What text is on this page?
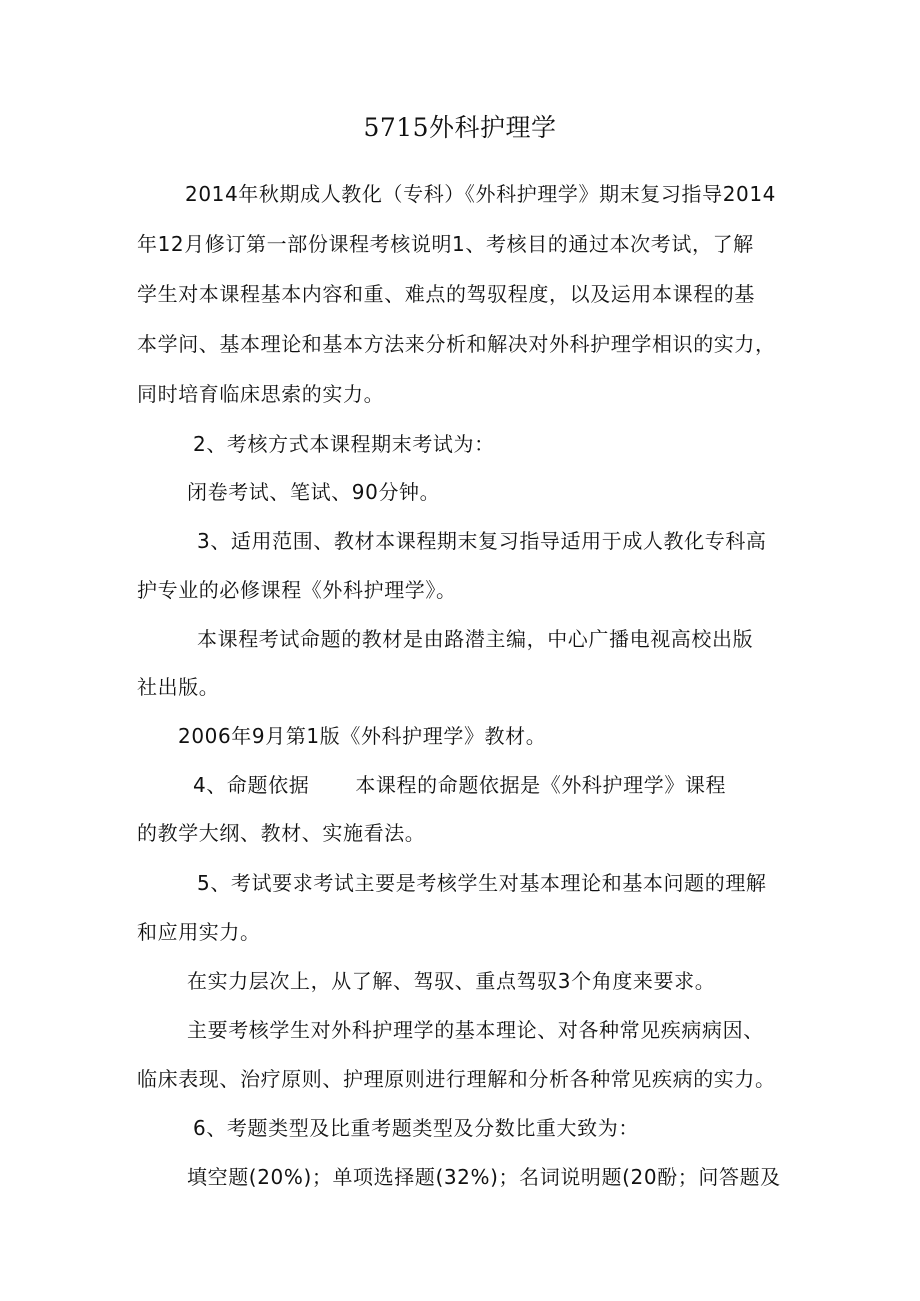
5715外科护理学
2014年秋期成人教化（专科）《外科护理学》期末复习指导2014
年12月修订第一部份课程考核说明1、考核目的通过本次考试，了解
学生对本课程基本内容和重、难点的驾驭程度，以及运用本课程的基
本学问、基本理论和基本方法来分析和解决对外科护理学相识的实力，
同时培育临床思索的实力。
2、考核方式本课程期末考试为：
闭卷考试、笔试、90分钟。
3、适用范围、教材本课程期末复习指导适用于成人教化专科高
护专业的必修课程《外科护理学》。
本课程考试命题的教材是由路潜主编，中心广播电视高校出版
社出版。
2006年9月第1版《外科护理学》教材。
4、命题依据 本课程的命题依据是《外科护理学》课程
的教学大纲、教材、实施看法。
5、考试要求考试主要是考核学生对基本理论和基本问题的理解
和应用实力。
在实力层次上，从了解、驾驭、重点驾驭3个角度来要求。
主要考核学生对外科护理学的基本理论、对各种常见疾病病因、
临床表现、治疗原则、护理原则进行理解和分析各种常见疾病的实力。
6、考题类型及比重考题类型及分数比重大致为：
填空题(20%)；单项选择题(32%)；名词说明题(20酚；问答题及
